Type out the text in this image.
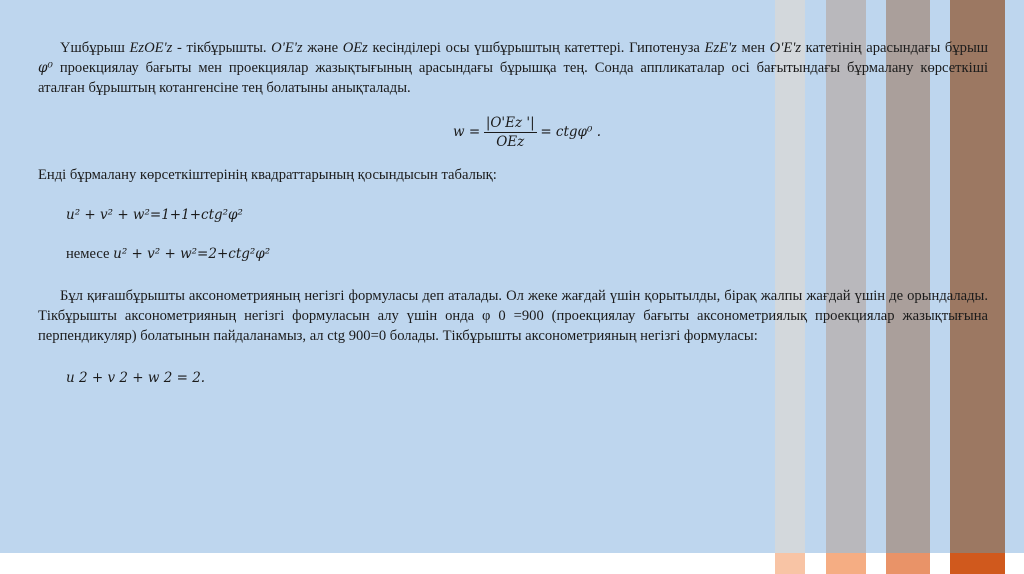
Үшбұрыш EzOE'z - тікбұрышты. O'E'z және OEz кесінділері осы үшбұрыштың катеттері. Гипотенуза EzE'z мен O'E'z катетінің арасындағы бұрыш φ⁰ проекциялау бағыты мен проекциялар жазықтығының арасындағы бұрышқа тең. Сонда аппликаталар осі бағытындағы бұрмалану көрсеткіші аталған бұрыштың котангенсіне тең болатыны анықталады.

$w = \frac{|O'Ez '|}{\text{OEz}} = ctg\varphi^0$ .

Енді бұрмалану көрсеткіштерінің квадраттарының қосындысын табалық:

u² + v² + w²=1+1+ctg²φ²

немесе u² + v² + w²=2+ctg²φ²

Бұл қиғашбұрышты аксонометрияның негізгі формуласы деп аталады. Ол жеке жағдай үшін қорытылды, бірақ жалпы жағдай үшін де орындалады. Тікбұрышты аксонометрияның негізгі формуласын алу үшін онда φ 0 =900 (проекциялау бағыты аксонометриялық проекциялар жазықтығына перпендикуляр) болатынын пайдаланамыз, ал ctg 900=0 болады. Тікбұрышты аксонометрияның негізгі формуласы:

u 2 + v 2 + w 2 = 2.
